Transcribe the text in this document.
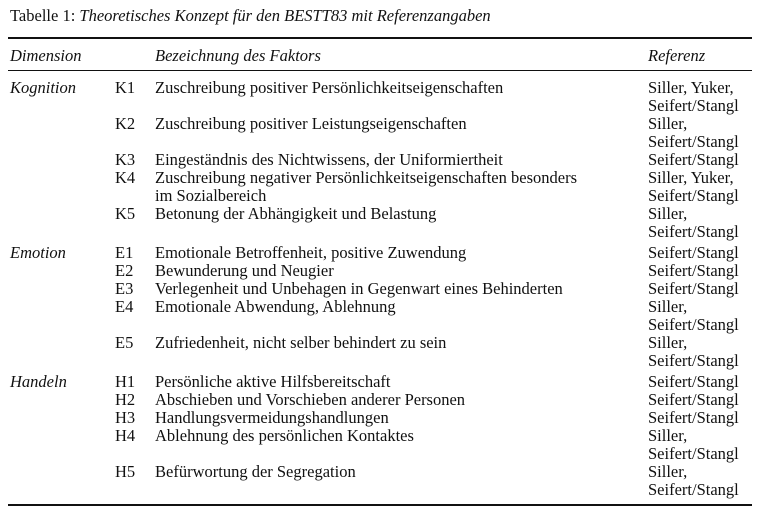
Tabelle 1: Theoretisches Konzept für den BESTT83 mit Referenzangaben
Dimension	Bezeichnung des Faktors	Referenz
Kognition K1 Zuschreibung positiver Persönlichkeitseigenschaften	Siller, Yuker,
Seifert/Stangl
K2 Zuschreibung positiver Leistungseigenschaften	Siller,
Seifert/Stangl
K3 Eingeständnis des Nichtwissens, der Uniformiertheit	Seifert/Stangl
K4 Zuschreibung negativer Persönlichkeitseigenschaften besonders
im Sozialbereich
Siller, Yuker,
Seifert/Stangl
K5 Betonung der Abhängigkeit und Belastung	Siller,
Seifert/Stangl
Emotion	E1 Emotionale Betroffenheit, positive Zuwendung	Seifert/Stangl
E2 Bewunderung und Neugier	Seifert/Stangl
E3 Verlegenheit und Unbehagen in Gegenwart eines Behinderten	Seifert/Stangl
E4 Emotionale Abwendung, Ablehnung	Siller,
Seifert/Stangl
E5 Zufriedenheit, nicht selber behindert zu sein	Siller,
Seifert/Stangl
Handeln	H1 Persönliche aktive Hilfsbereitschaft	Seifert/Stangl
H2 Abschieben und Vorschieben anderer Personen	Seifert/Stangl
H3 Handlungsvermeidungshandlungen	Seifert/Stangl
H4 Ablehnung des persönlichen Kontaktes	Siller,
Seifert/Stangl
H5 Befürwortung der Segregation	Siller,
Seifert/Stangl
